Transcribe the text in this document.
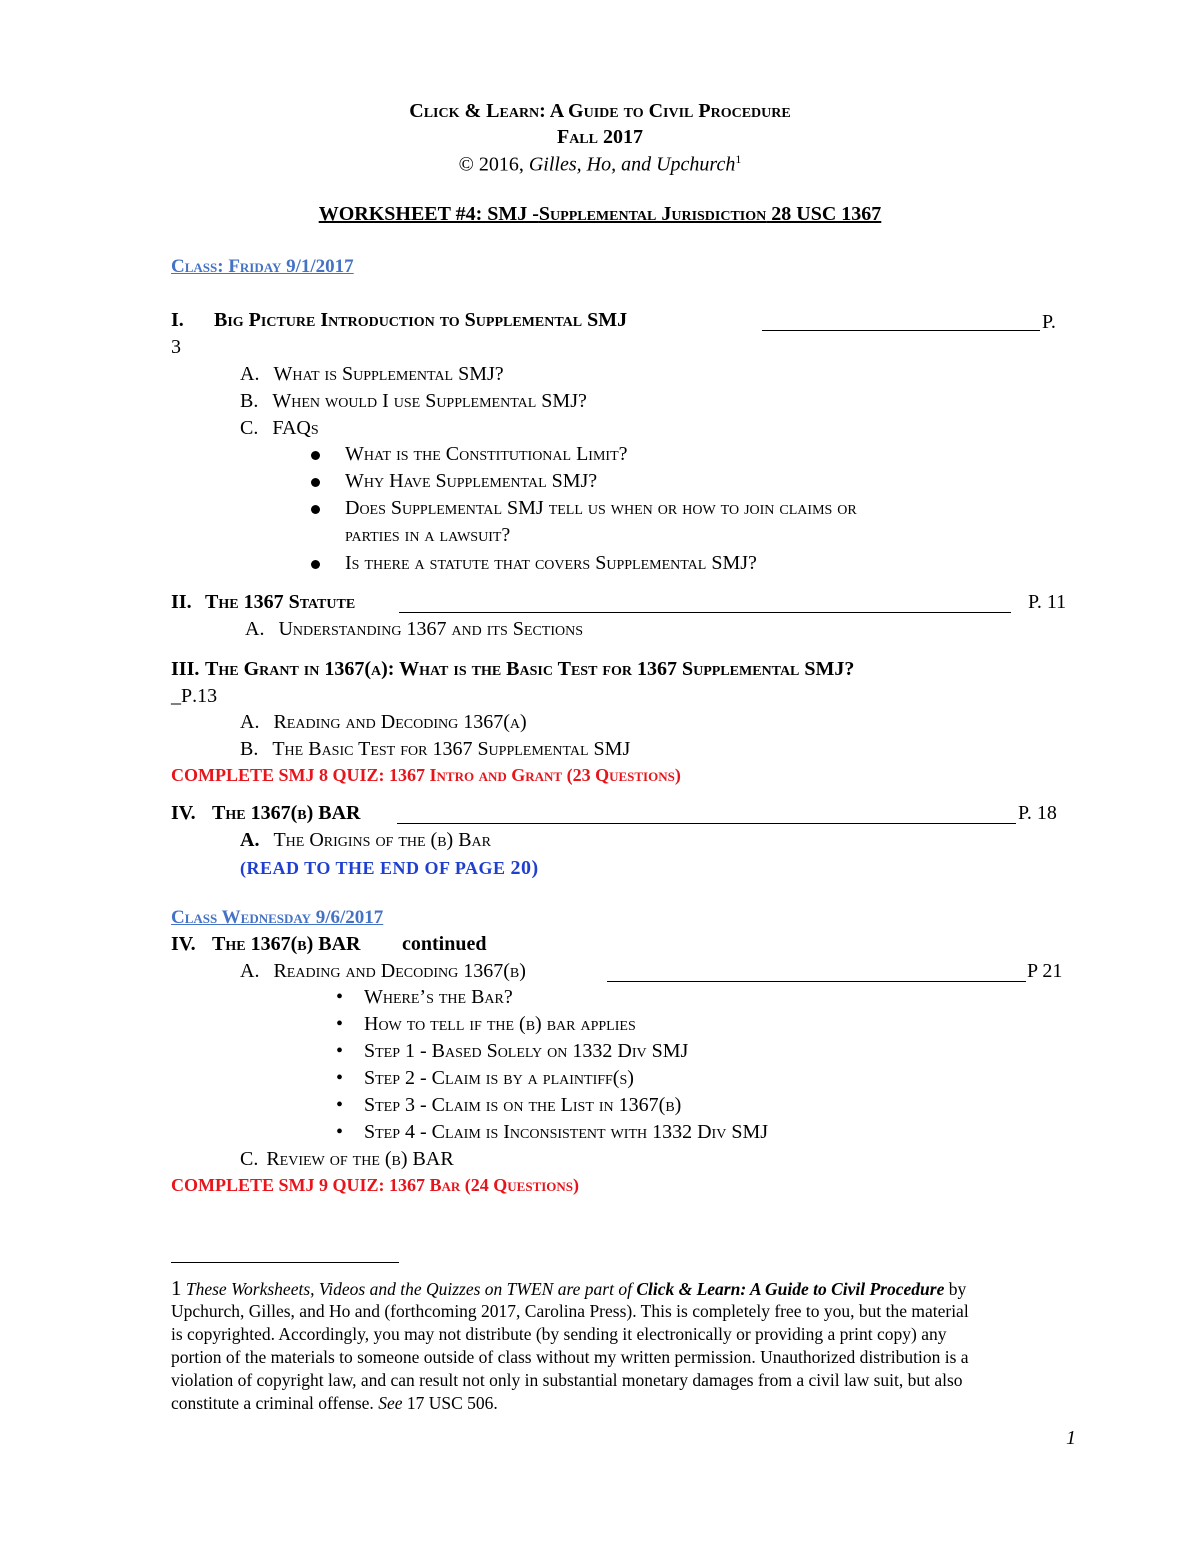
Click & Learn: A Guide to Civil Procedure
Fall 2017
© 2016, Gilles, Ho, and Upchurch$^1$
WORKSHEET #4: SMJ -Supplemental Jurisdiction 28 USC 1367
Class: Friday 9/1/2017
I. Big Picture Introduction to Supplemental SMJ	P.
3
A. What is Supplemental SMJ?
B. When would I use Supplemental SMJ?
C. FAQs
What is the Constitutional Limit?
Why Have Supplemental SMJ?
Does Supplemental SMJ tell us when or how to join claims or
parties in a lawsuit?
Is there a statute that covers Supplemental SMJ?
II. The 1367 Statute	P. 11
A. Understanding 1367 and its Sections
III. The Grant in 1367(a): What is the Basic Test for 1367 Supplemental SMJ?
_P.13
A. Reading and Decoding 1367(a)
B. The Basic Test for 1367 Supplemental SMJ
COMPLETE SMJ 8 QUIZ: 1367 Intro and Grant (23 Questions)
IV. The 1367(b) BAR	P. 18
A. The Origins of the (b) Bar
(READ TO THE END OF PAGE 20)
Class Wednesday 9/6/2017
IV. The 1367(b) BAR continued
A. Reading and Decoding 1367(b)	P 21
• Where’s the Bar?
• How to tell if the (b) bar applies
• Step 1 - Based Solely on 1332 Div SMJ
• Step 2 - Claim is by a plaintiff(s)
• Step 3 - Claim is on the List in 1367(b)
• Step 4 - Claim is Inconsistent with 1332 Div SMJ
C. Review of the (b) BAR
COMPLETE SMJ 9 QUIZ: 1367 Bar (24 Questions)
1 These Worksheets, Videos and the Quizzes on TWEN are part of Click & Learn: A Guide to Civil Procedure by
Upchurch, Gilles, and Ho and (forthcoming 2017, Carolina Press). This is completely free to you, but the material
is copyrighted. Accordingly, you may not distribute (by sending it electronically or providing a print copy) any
portion of the materials to someone outside of class without my written permission. Unauthorized distribution is a
violation of copyright law, and can result not only in substantial monetary damages from a civil law suit, but also
constitute a criminal offense. See 17 USC 506.
1
